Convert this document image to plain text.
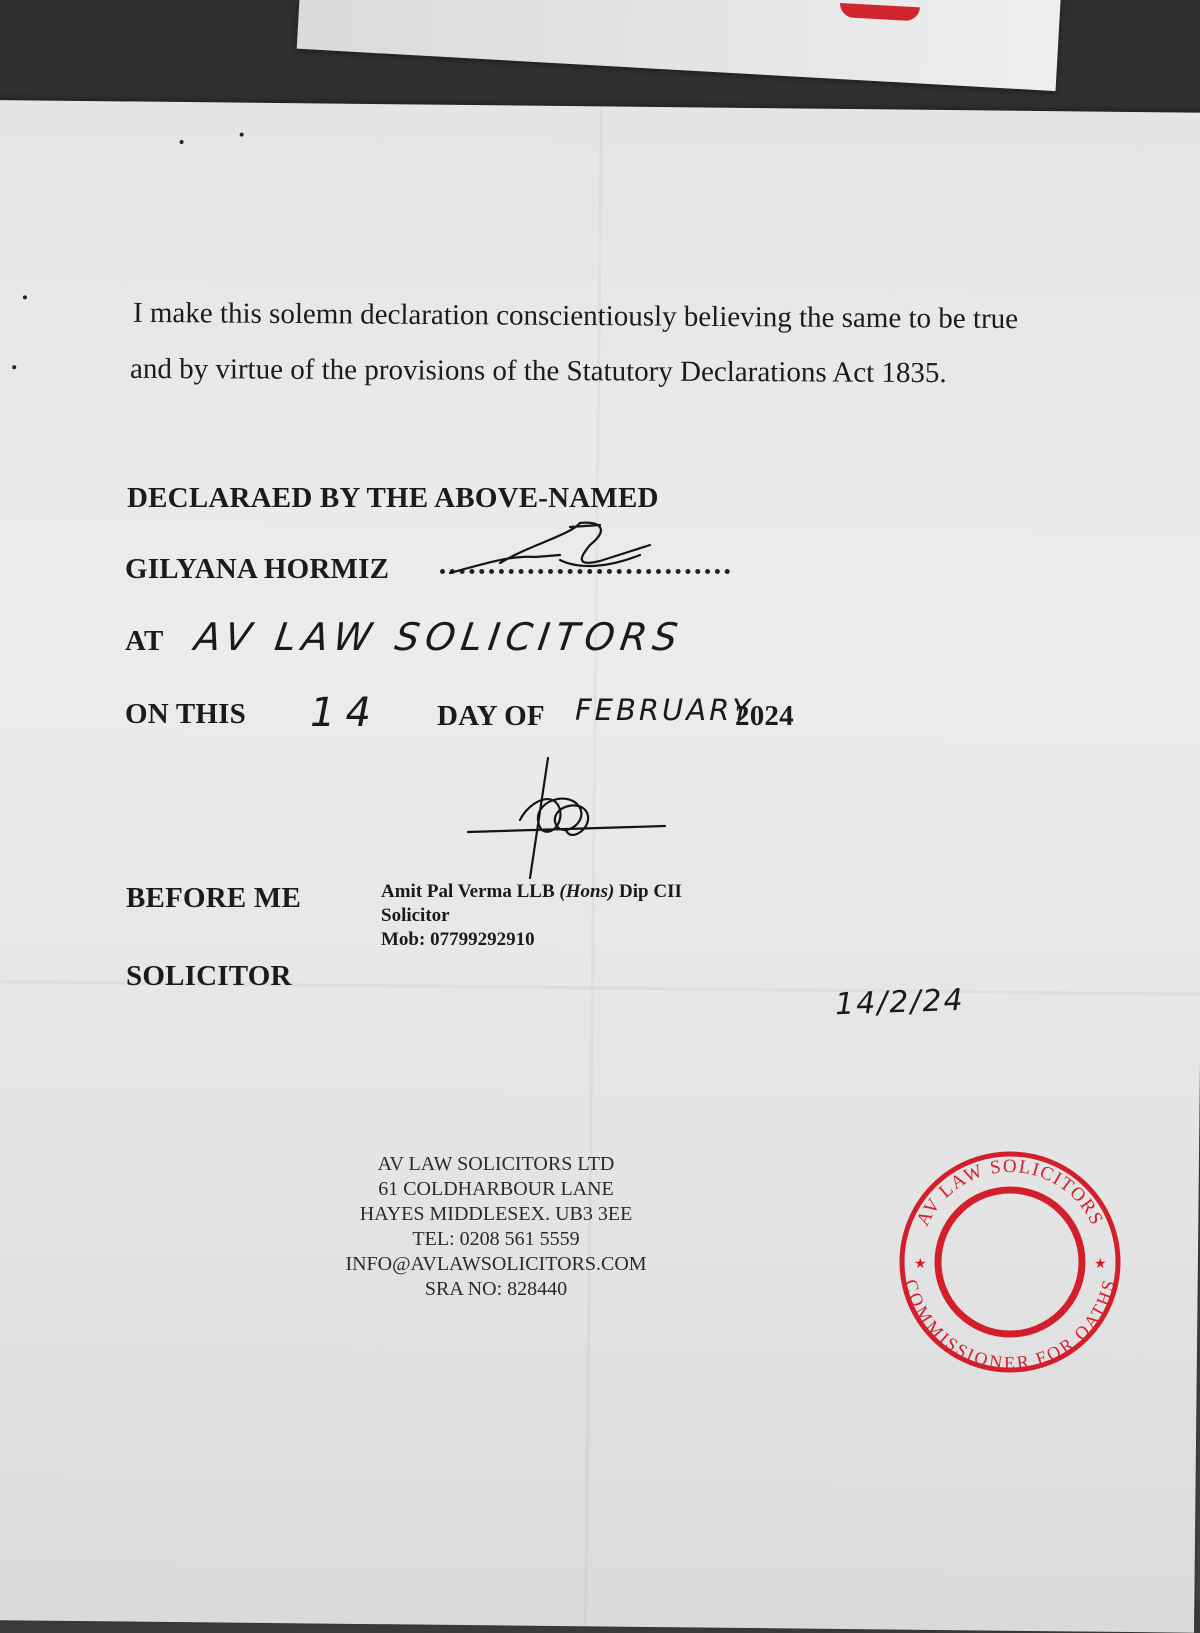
I make this solemn declaration conscientiously believing the same to be true
and by virtue of the provisions of the Statutory Declarations Act 1835.
DECLARAED BY THE ABOVE-NAMED
GILYANA HORMIZ
AT AV LAW SOLICITORS
ON THIS 14 DAY OF FEBRUARY
2024
BEFORE ME	Amit Pal Verma LLB (Hons) Dip CII
Solicitor
Mob: 07799292910
SOLICITOR
14/2/24
AV LAW SOLICITORS LTD
61 COLDHARBOUR LANE
HAYES MIDDLESEX. UB3 3EE
TEL: 0208 561 5559
INFO@AVLAWSOLICITORS.COM
SRA NO: 828440
AV LAW SOLICITORS
COMMISSIONER FOR OATHS
★	★
